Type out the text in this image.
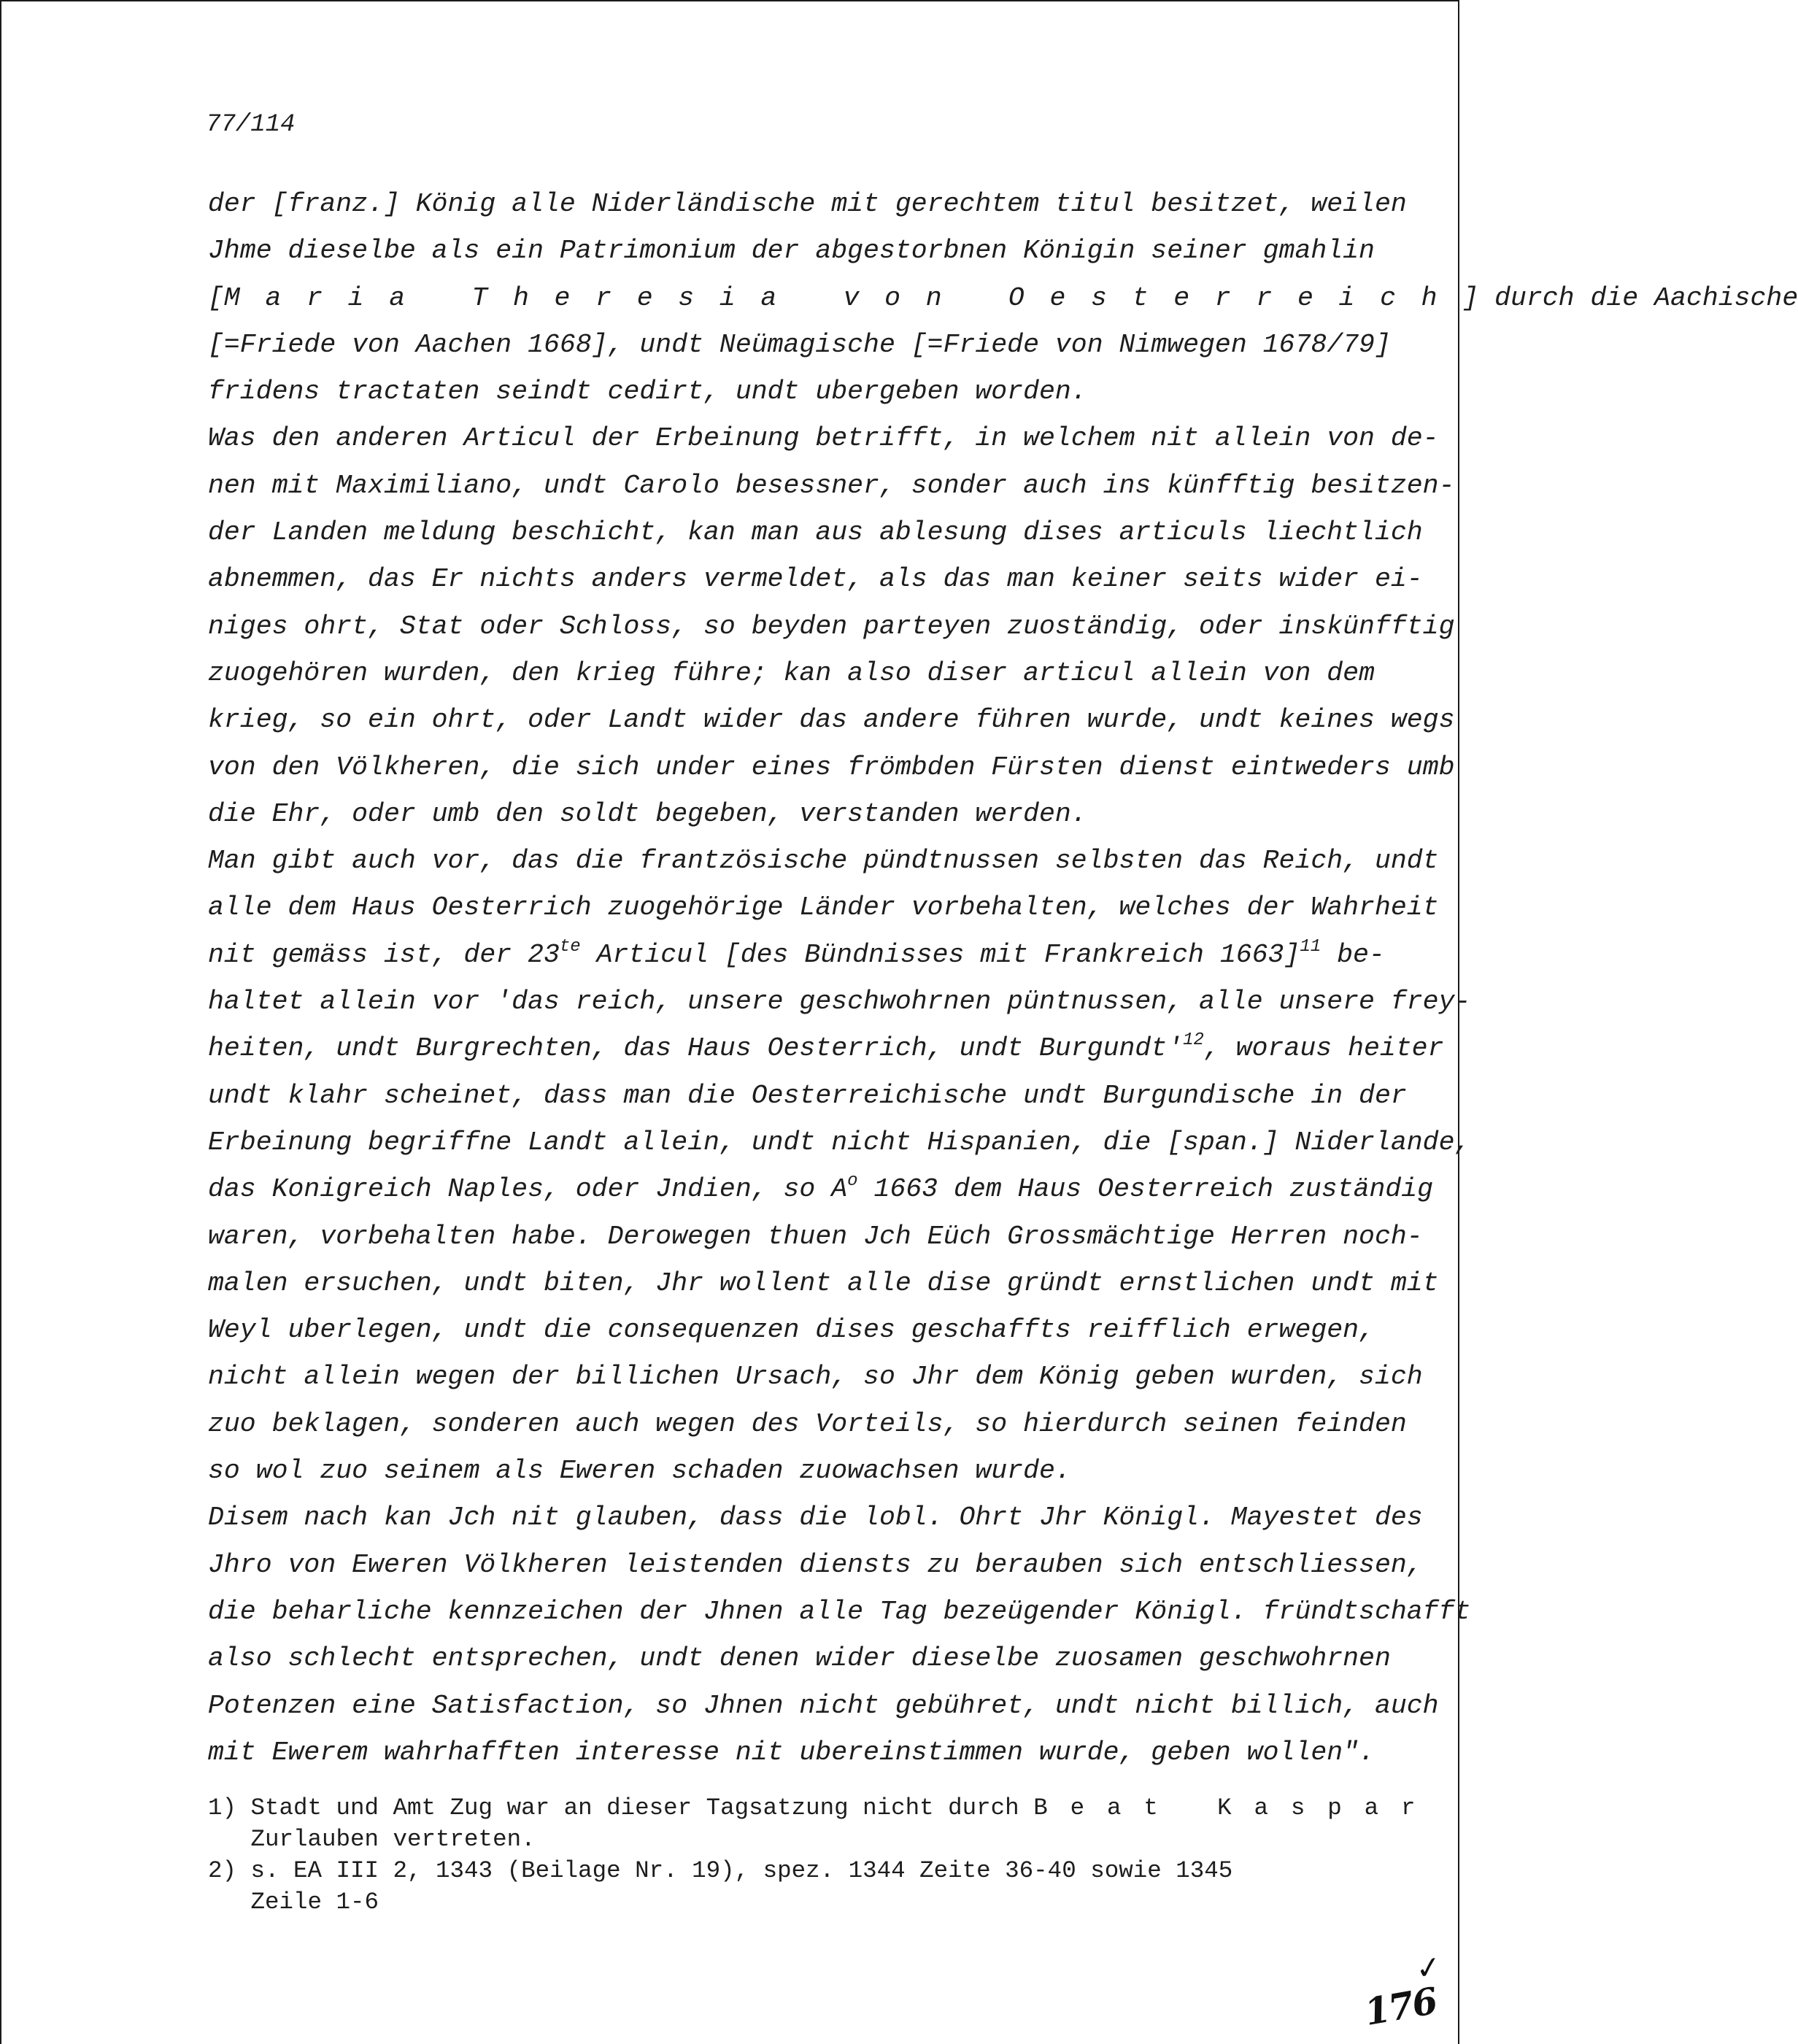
77/114
der [franz.] König alle Niderländische mit gerechtem titul besitzet, weilen
Jhme dieselbe als ein Patrimonium der abgestorbnen Königin seiner gmahlin
[Maria Theresia von Oesterreich] durch die Aachische
[=Friede von Aachen 1668], undt Neümagische [=Friede von Nimwegen 1678/79]
fridens tractaten seindt cedirt, undt ubergeben worden.
Was den anderen Articul der Erbeinung betrifft, in welchem nit allein von de-
nen mit Maximiliano, undt Carolo besessner, sonder auch ins künfftig besitzen-
der Landen meldung beschicht, kan man aus ablesung dises articuls liechtlich
abnemmen, das Er nichts anders vermeldet, als das man keiner seits wider ei-
niges ohrt, Stat oder Schloss, so beyden parteyen zuoständig, oder inskünfftig
zuogehören wurden, den krieg führe; kan also diser articul allein von dem
krieg, so ein ohrt, oder Landt wider das andere führen wurde, undt keines wegs
von den Völkheren, die sich under eines frömbden Fürsten dienst eintweders umb
die Ehr, oder umb den soldt begeben, verstanden werden.
Man gibt auch vor, das die frantzösische pündtnussen selbsten das Reich, undt
alle dem Haus Oesterrich zuogehörige Länder vorbehalten, welches der Wahrheit
nit gemäss ist, der $23^{te}$ Articul [des Bündnisses mit Frankreich 1663]$^{11}$ be-
haltet allein vor 'das reich, unsere geschwohrnen püntnussen, alle unsere frey-
heiten, undt Burgrechten, das Haus Oesterrich, undt $Burgundt'^{12}$, woraus heiter
undt klahr scheinet, dass man die Oesterreichische undt Burgundische in der
Erbeinung begriffne Landt allein, undt nicht Hispanien, die [span.] Niderlande,
das Konigreich Naples, oder Jndien, so $A^o$ 1663 dem Haus Oesterreich zuständig
waren, vorbehalten habe. Derowegen thuen Jch Eüch Grossmächtige Herren noch-
malen ersuchen, undt biten, Jhr wollent alle dise gründt ernstlichen undt mit
Weyl uberlegen, undt die consequenzen dises geschaffts reifflich erwegen,
nicht allein wegen der billichen Ursach, so Jhr dem König geben wurden, sich
zuo beklagen, sonderen auch wegen des Vorteils, so hierdurch seinen feinden
so wol zuo seinem als Eweren schaden zuowachsen wurde.
Disem nach kan Jch nit glauben, dass die lobl. Ohrt Jhr Königl. Mayestet des
Jhro von Eweren Völkheren leistenden diensts zu berauben sich entschliessen,
die beharliche kennzeichen der Jhnen alle Tag bezeügender Königl. fründtschafft
also schlecht entsprechen, undt denen wider dieselbe zuosamen geschwohrnen
Potenzen eine Satisfaction, so Jhnen nicht gebühret, undt nicht billich, auch
mit Ewerem wahrhafften interesse nit ubereinstimmen wurde, geben wollen".
1) Stadt und Amt Zug war an dieser Tagsatzung nicht durch Beat Kaspar
Zurlauben vertreten.
2) s. EA III 2, 1343 (Beilage Nr. 19), spez. 1344 Zeite 36-40 sowie 1345
Zeile 1-6
✓
176
